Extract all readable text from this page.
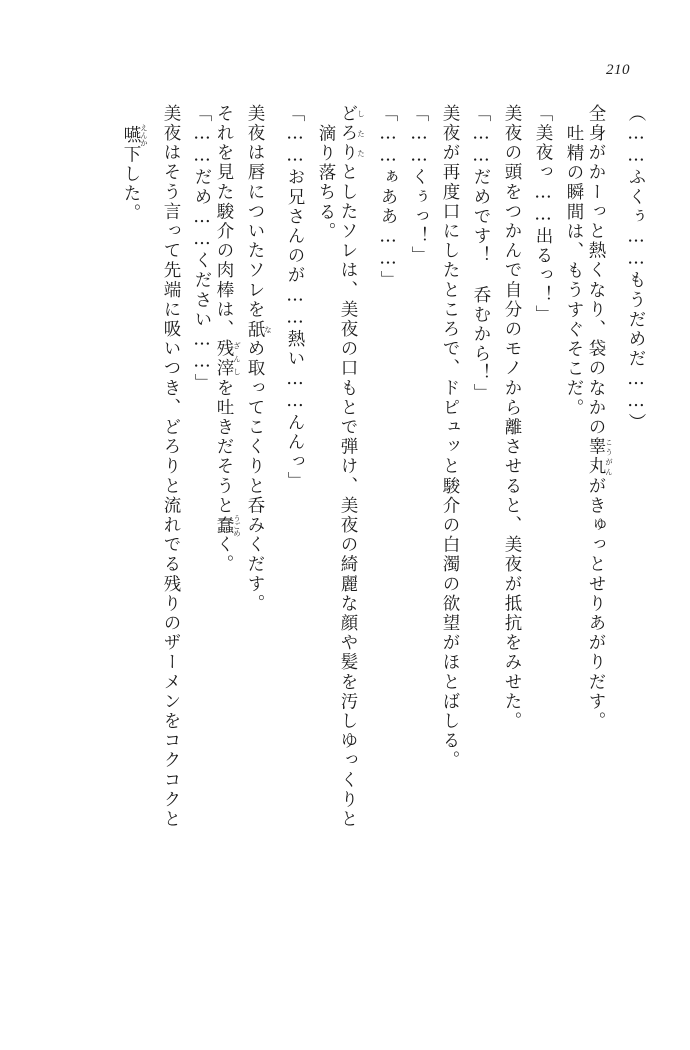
210
（……ふくぅ……もうだめだ……）
全身がかーっと熱くなり、袋のなかの睾丸こうがんがきゅっとせりあがりだす。
吐精の瞬間は、もうすぐそこだ。
「美夜っ……出るっ！」
美夜の頭をつかんで自分のモノから離させると、美夜が抵抗をみせた。
「……だめです！　呑むから！」
美夜が再度口にしたところで、ドピュッと駿介の白濁の欲望がほとばしる。
「……くぅっ！」
「……ぁああ……」
どろりしたたとしたソレは、美夜の口もとで弾け、美夜の綺麗な顔や髪を汚しゆっくりと
滴り落ちる。
「……お兄さんのが……熱い……んんっ」
美夜は唇についたソレを舐なめ取ってこくりと呑みくだす。
それを見た駿介の肉棒は、残滓ざんしを吐きだそうと蠢うごめく。
「……だめ……ください……」
美夜はそう言って先端に吸いつき、どろりと流れでる残りのザーメンをコクコクと
嚥えんか下した。
